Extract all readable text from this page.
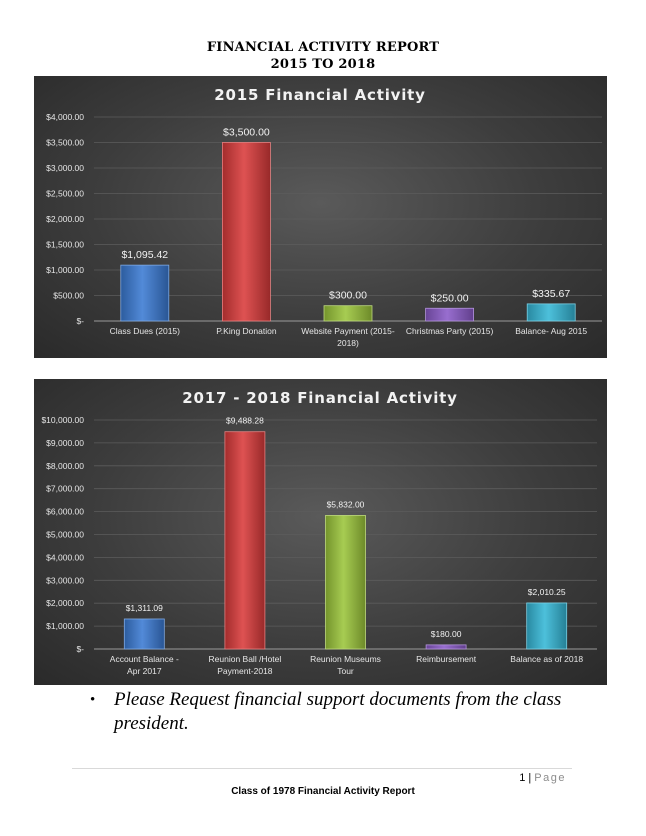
FINANCIAL ACTIVITY REPORT
2015 TO 2018
2015 Financial Activity
$-
$500.00
$1,000.00
$1,500.00
$2,000.00
$2,500.00
$3,000.00
$3,500.00
$4,000.00
$1,095.42
Class Dues (2015)
$3,500.00
P.King Donation
$300.00
Website Payment (2015-2018)
$250.00
Christmas Party (2015)
$335.67
Balance- Aug 2015
2017 - 2018 Financial Activity
$-
$1,000.00
$2,000.00
$3,000.00
$4,000.00
$5,000.00
$6,000.00
$7,000.00
$8,000.00
$9,000.00
$10,000.00
$1,311.09
Account Balance -Apr 2017
$9,488.28
Reunion Ball /Hotel Payment-2018
$5,832.00
Reunion Museums Tour
$180.00
Reimbursement
$2,010.25
Balance as of 2018
• Please Request financial support documents from the class president.
1 | Page
Class of 1978 Financial Activity Report
